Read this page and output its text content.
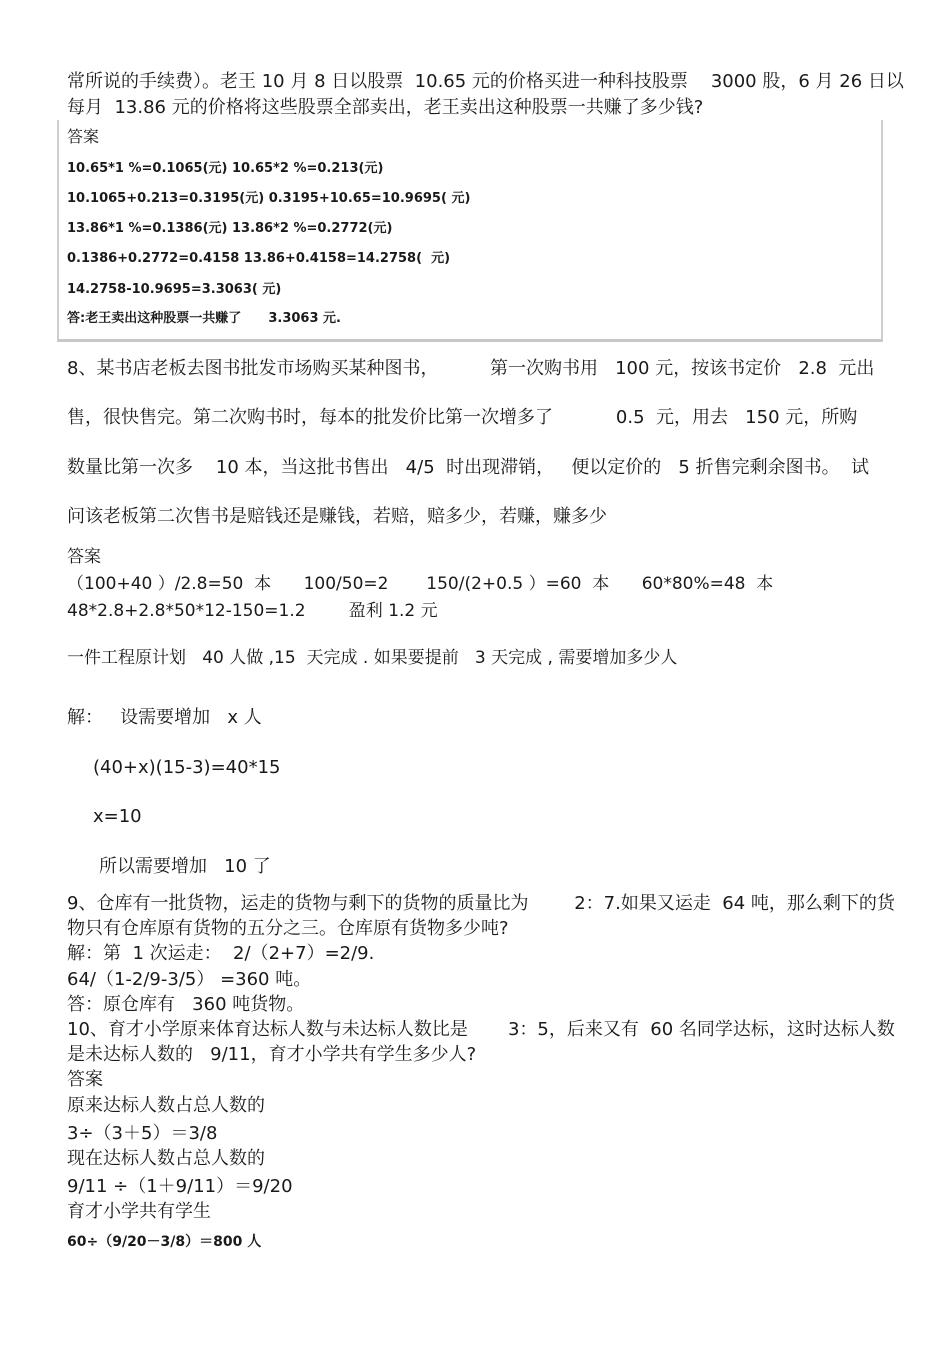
常所说的手续费）。老王 10 月 8 日以股票  10.65 元的价格买进一种科技股票    3000 股，6 月 26 日以
每月  13.86 元的价格将这些股票全部卖出，老王卖出这种股票一共赚了多少钱?
答案
10.65*1 %=0.1065(元) 10.65*2 %=0.213(元)
10.1065+0.213=0.3195(元) 0.3195+10.65=10.9695( 元)
13.86*1 %=0.1386(元) 13.86*2 %=0.2772(元)
0.1386+0.2772=0.4158 13.86+0.4158=14.2758(  元)
14.2758-10.9695=3.3063( 元)
答:老王卖出这种股票一共赚了      3.3063 元.
8、某书店老板去图书批发市场购买某种图书，         第一次购书用   100 元，按该书定价   2.8  元出
售，很快售完。第二次购书时，每本的批发价比第一次增多了           0.5  元，用去   150 元，所购
数量比第一次多    10 本，当这批书售出   4/5  时出现滞销，   便以定价的   5 折售完剩余图书。  试
问该老板第二次售书是赔钱还是赚钱，若赔，赔多少，若赚，赚多少
答案
（100+40 ）/2.8=50  本      100/50=2       150/(2+0.5 ）=60  本      60*80%=48  本
48*2.8+2.8*50*12-150=1.2        盈利 1.2 元
一件工程原计划   40 人做 ,15  天完成 . 如果要提前   3 天完成 , 需要增加多少人
解：   设需要增加   x 人
(40+x)(15-3)=40*15
x=10
所以需要增加   10 了
9、仓库有一批货物，运走的货物与剩下的货物的质量比为        2：7.如果又运走  64 吨，那么剩下的货
物只有仓库原有货物的五分之三。仓库原有货物多少吨?
解：第  1 次运走：  2/（2+7）=2/9.
64/（1-2/9-3/5） =360 吨。
答：原仓库有   360 吨货物。
10、育才小学原来体育达标人数与未达标人数比是       3：5，后来又有  60 名同学达标，这时达标人数
是未达标人数的   9/11，育才小学共有学生多少人?
答案
原来达标人数占总人数的
3÷（3＋5）＝3/8
现在达标人数占总人数的
9/11 ÷（1＋9/11）＝9/20
育才小学共有学生
60÷（9/20－3/8）＝800 人
